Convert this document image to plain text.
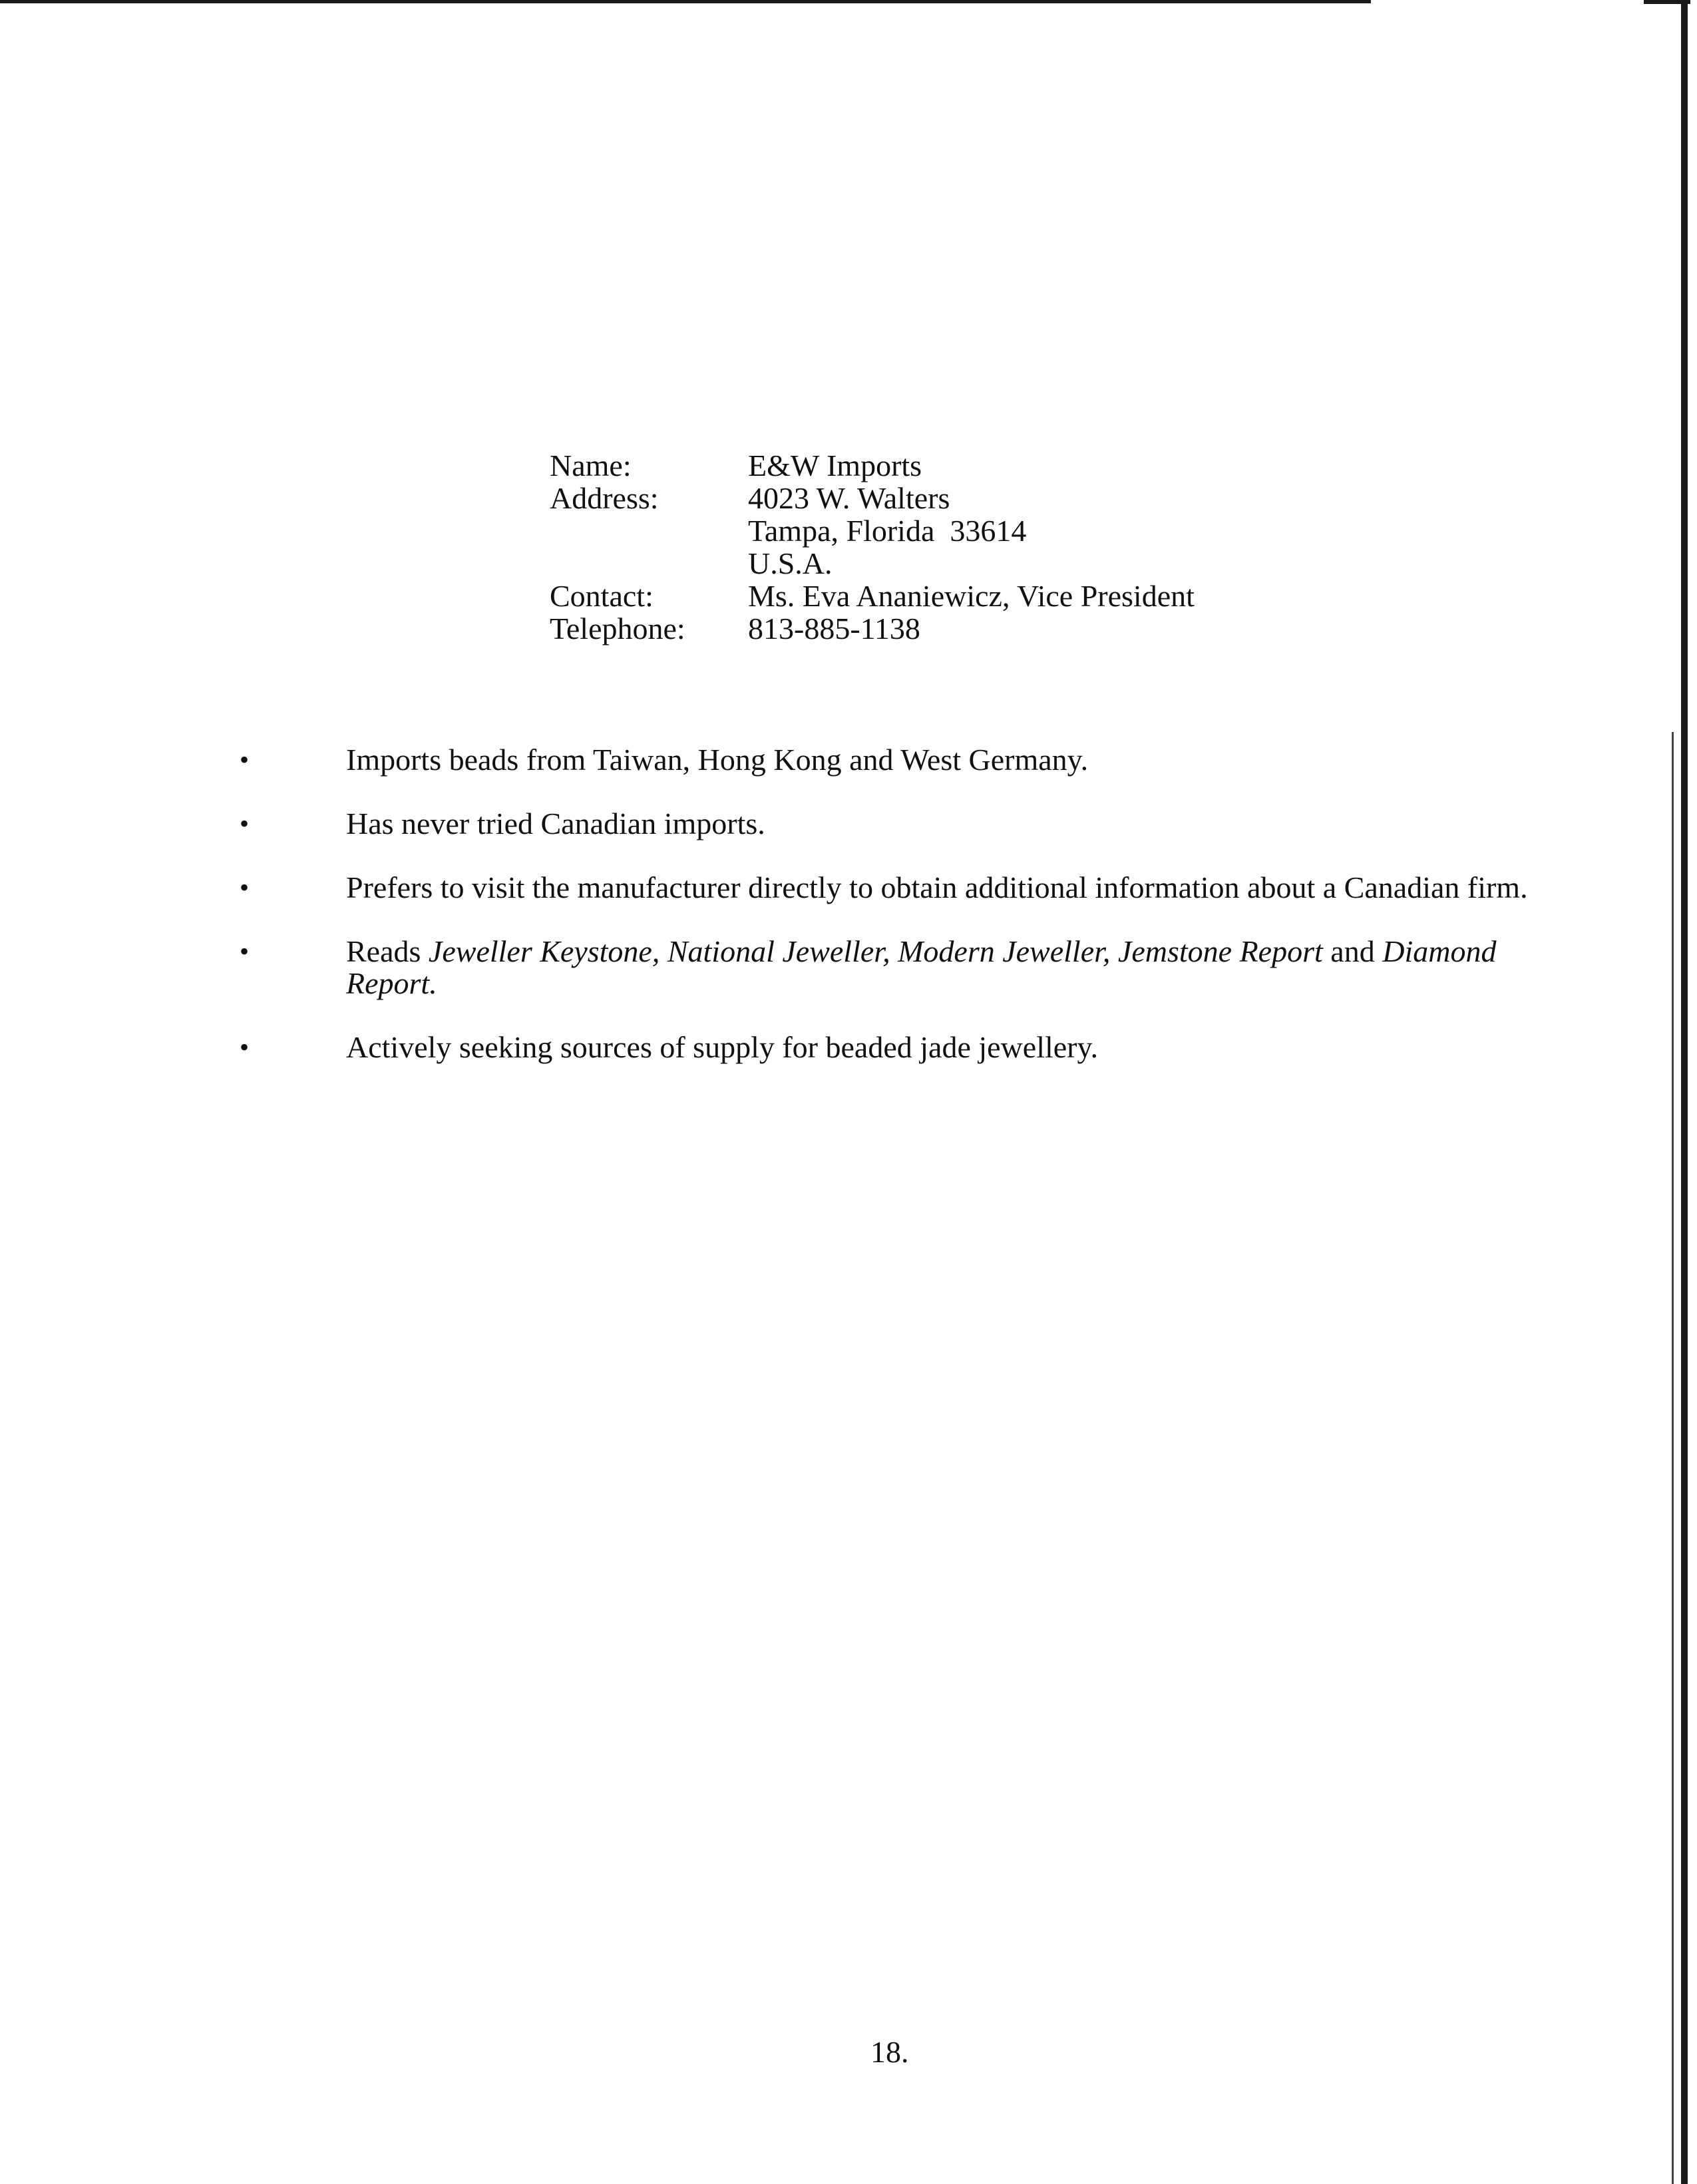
Name:	E&W Imports
Address:	4023 W. Walters
Tampa, Florida  33614
U.S.A.
Contact:	Ms. Eva Ananiewicz, Vice President
Telephone:	813-885-1138
•	Imports beads from Taiwan, Hong Kong and West Germany.
•	Has never tried Canadian imports.
•	Prefers to visit the manufacturer directly to obtain additional information about a Canadian firm.
•	Reads Jeweller Keystone, National Jeweller, Modern Jeweller, Jemstone Report and Diamond Report.
•	Actively seeking sources of supply for beaded jade jewellery.
18.
